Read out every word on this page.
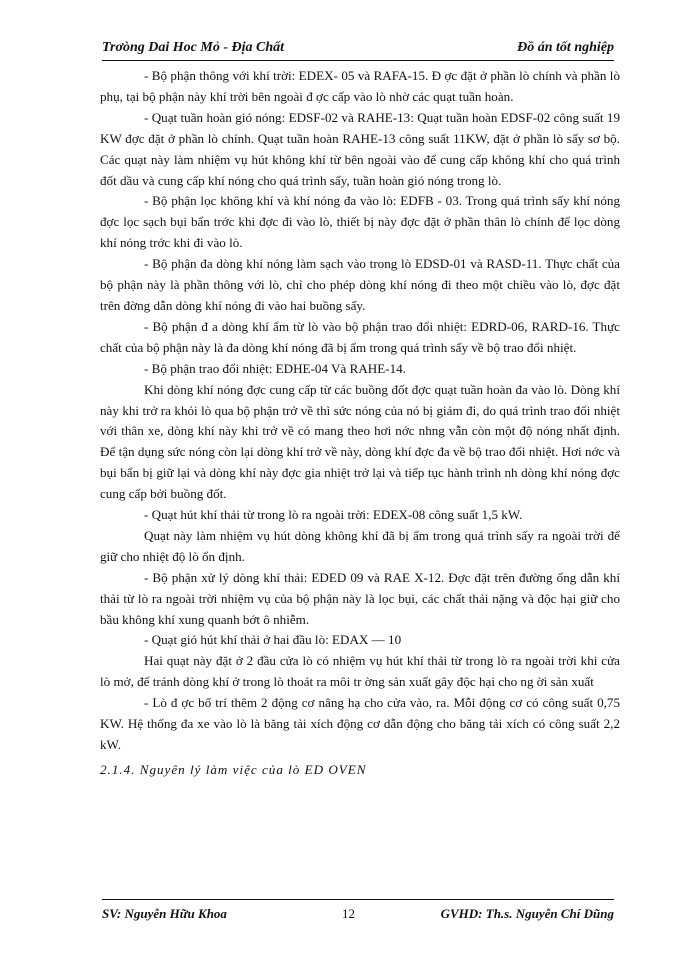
Trơòng Dai Hoc Mỏ - Địa Chất	Đồ án tốt nghiệp

- Bộ phận thông với khí trời: EDEX- 05 và RAFA-15. Đ ợc đặt ở phần lò chính và phần lò phụ, tại bộ phận này khí trời bên ngoài đ ợc cấp vào lò nhờ các quạt tuần hoàn.

- Quạt tuần hoàn gió nóng: EDSF-02 và RAHE-13: Quạt tuần hoàn EDSF-02 công suất 19 KW đợc đặt ở phần lò chính. Quạt tuần hoàn RAHE-13 công suất 11KW, đặt ở phần lò sấy sơ bộ. Các quạt này làm nhiệm vụ hút không khí từ bên ngoài vào để cung cấp không khí cho quá trình đốt dầu và cung cấp khí nóng cho quá trình sấy, tuần hoàn gió nóng trong lò.

- Bộ phận lọc không khí và khí nóng đa vào lò: EDFB - 03. Trong quá trình sấy khí nóng đợc lọc sạch bụi bẩn trớc khi đợc đi vào lò, thiết bị này đợc đặt ở phần thân lò chính để lọc dòng khí nóng trớc khi đi vào lò.

- Bộ phận đa dòng khí nóng làm sạch vào trong lò EDSD-01 và RASD-11. Thực chất của bộ phận này là phần thông với lò, chỉ cho phép dòng khí nóng đi theo một chiều vào lò, đợc đặt trên đờng dẫn dòng khí nóng đi vào hai buồng sấy.

- Bộ phận đ a dòng khí ẩm từ lò vào bộ phận trao đổi nhiệt: EDRD-06, RARD-16. Thực chất của bộ phận này là đa dòng khí nóng đã bị ẩm trong quá trình sấy về bộ trao đổi nhiệt.

- Bộ phận trao đổi nhiệt: EDHE-04 Và RAHE-14.

Khi dòng khí nóng đợc cung cấp từ các buồng đốt đợc quạt tuần hoàn đa vào lò. Dòng khí này khi trở ra khỏi lò qua bộ phận trở về thì sức nóng của nó bị giảm đi, do quá trình trao đổi nhiệt với thân xe, dòng khí này khi trở về có mang theo hơi nớc nhng vẫn còn một độ nóng nhất định. Để tận dụng sức nóng còn lại dòng khí trở về này, dòng khí đợc đa về bộ trao đổi nhiệt. Hơi nớc và bụi bẩn bị giữ lại và dòng khí này đợc gia nhiệt trở lại và tiếp tục hành trình nh dòng khí nóng đợc cung cấp bởi buồng đốt.

- Quạt hút khí thải từ trong lò ra ngoài trời: EDEX-08 công suất 1,5 kW.

Quạt này làm nhiệm vụ hút dòng không khí đã bị ẩm trong quá trình sấy ra ngoài trời để giữ cho nhiệt độ lò ổn định.

- Bộ phận xử lý dòng khí thải: EDED 09 và RAE X-12. Đợc đặt trên đường ống dẫn khí thải từ lò ra ngoài trời nhiệm vụ của bộ phận này là lọc bụi, các chất thải nặng và độc hại giữ cho bầu không khí xung quanh bớt ô nhiễm.

- Quạt gió hút khí thải ở hai đầu lò: EDAX — 10

Hai quạt này đặt ở 2 đầu cửa lò có nhiệm vụ hút khí thải từ trong lò ra ngoài trời khi cửa lò mở, để tránh dòng khí ở trong lò thoát ra môi tr ờng sản xuất gây độc hại cho ng ời sản xuất

- Lò đ ợc bố trí thêm 2 động cơ nâng hạ cho cửa vào, ra. Mỗi động cơ có công suất 0,75 KW. Hệ thống đa xe vào lò là băng tải xích động cơ dẫn động cho băng tải xích có công suất 2,2 kW.

2.1.4. Nguyên lý làm việc của lò ED OVEN

SV: Nguyễn Hữu Khoa	12	GVHD: Th.s. Nguyễn Chí Dũng
